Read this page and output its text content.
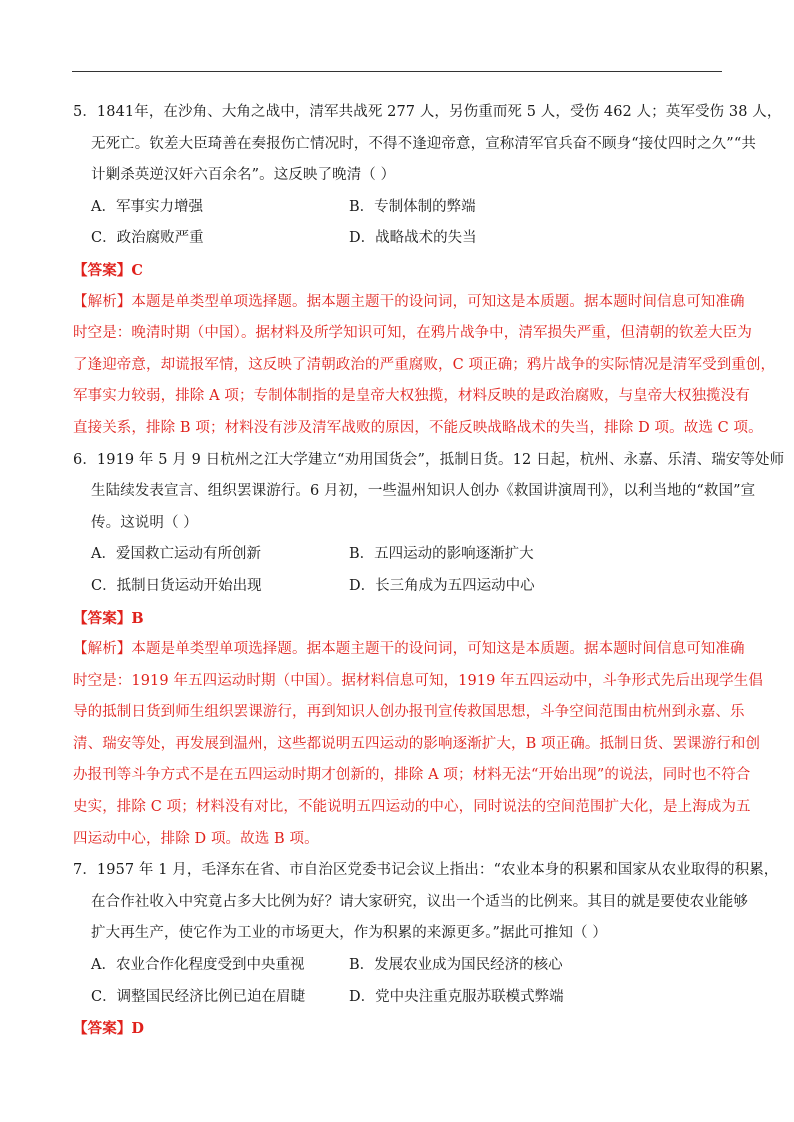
5．1841年，在沙角、大角之战中，清军共战死 277 人，另伤重而死 5 人，受伤 462 人；英军受伤 38 人，
无死亡。钦差大臣琦善在奏报伤亡情况时，不得不逢迎帝意，宣称清军官兵奋不顾身“接仗四时之久”“共
计剿杀英逆汉奸六百余名”。这反映了晚清（ ）
A．军事实力增强	B．专制体制的弊端
C．政治腐败严重	D．战略战术的失当
【答案】C
【解析】本题是单类型单项选择题。据本题主题干的设问词，可知这是本质题。据本题时间信息可知准确
时空是：晚清时期（中国）。据材料及所学知识可知，在鸦片战争中，清军损失严重，但清朝的钦差大臣为
了逢迎帝意，却谎报军情，这反映了清朝政治的严重腐败，C 项正确；鸦片战争的实际情况是清军受到重创，
军事实力较弱，排除 A 项；专制体制指的是皇帝大权独揽，材料反映的是政治腐败，与皇帝大权独揽没有
直接关系，排除 B 项；材料没有涉及清军战败的原因，不能反映战略战术的失当，排除 D 项。故选 C 项。
6．1919 年 5 月 9 日杭州之江大学建立“劝用国货会”，抵制日货。12 日起，杭州、永嘉、乐清、瑞安等处师
生陆续发表宣言、组织罢课游行。6 月初，一些温州知识人创办《救国讲演周刊》，以利当地的“救国”宣
传。这说明（ ）
A．爱国救亡运动有所创新	B．五四运动的影响逐渐扩大
C．抵制日货运动开始出现	D．长三角成为五四运动中心
【答案】B
【解析】本题是单类型单项选择题。据本题主题干的设问词，可知这是本质题。据本题时间信息可知准确
时空是：1919 年五四运动时期（中国）。据材料信息可知，1919 年五四运动中，斗争形式先后出现学生倡
导的抵制日货到师生组织罢课游行，再到知识人创办报刊宣传救国思想，斗争空间范围由杭州到永嘉、乐
清、瑞安等处，再发展到温州，这些都说明五四运动的影响逐渐扩大，B 项正确。抵制日货、罢课游行和创
办报刊等斗争方式不是在五四运动时期才创新的，排除 A 项；材料无法“开始出现”的说法，同时也不符合
史实，排除 C 项；材料没有对比，不能说明五四运动的中心，同时说法的空间范围扩大化，是上海成为五
四运动中心，排除 D 项。故选 B 项。
7．1957 年 1 月，毛泽东在省、市自治区党委书记会议上指出：“农业本身的积累和国家从农业取得的积累，
在合作社收入中究竟占多大比例为好？请大家研究，议出一个适当的比例来。其目的就是要使农业能够
扩大再生产，使它作为工业的市场更大，作为积累的来源更多。”据此可推知（ ）
A．农业合作化程度受到中央重视	B．发展农业成为国民经济的核心
C．调整国民经济比例已迫在眉睫	D．党中央注重克服苏联模式弊端
【答案】D
